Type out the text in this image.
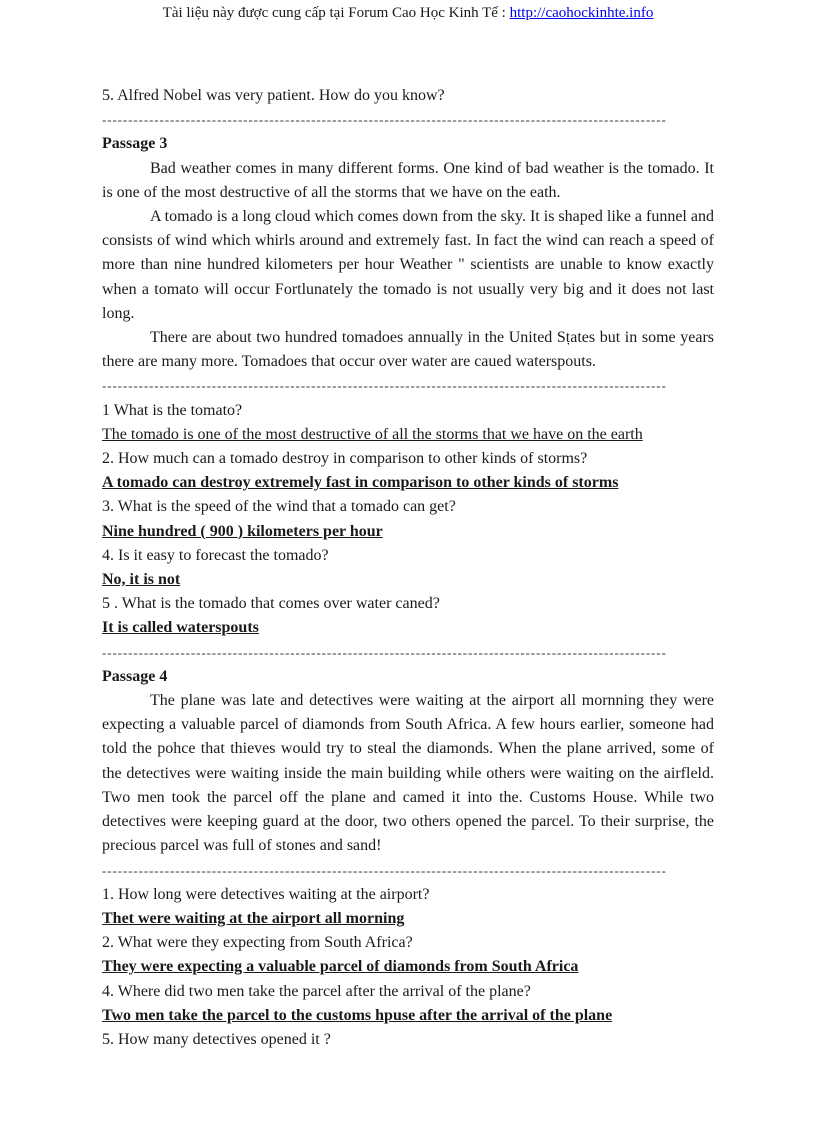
Tài liệu này được cung cấp tại Forum Cao Học Kinh Tế : http://caohockinhte.info
5. Alfred Nobel was very patient. How do you know?
------------------------------------------------------------------------------------------------------------
Passage 3
Bad weather comes in many different forms. One kind of bad weather is the tomado. It is one of the most destructive of all the storms that we have on the eath.
A tomado is a long cloud which comes down from the sky. It is shaped like a funnel and consists of wind which whirls around and extremely fast. In fact the wind can reach a speed of more than nine hundred kilometers per hour Weather " scientists are unable to know exactly when a tomato will occur Fortlunately the tomado is not usually very big and it does not last long.
There are about two hundred tomadoes annually in the United Sṭates but in some years there are many more. Tomadoes that occur over water are caued waterspouts.
------------------------------------------------------------------------------------------------------------
1 What is the tomato?
The tomado is one of the most destructive of all the storms that we have on the earth
2. How much can a tomado destroy in comparison to other kinds of storms?
A tomado can destroy extremely fast in comparison to other kinds of storms
3. What is the speed of the wind that a tomado can get?
Nine hundred ( 900 ) kilometers per hour
4. Is it easy to forecast the tomado?
No, it is not
5 . What is the tomado that comes over water caned?
It is called waterspouts
------------------------------------------------------------------------------------------------------------
Passage 4
The plane was late and detectives were waiting at the airport all mornning they were expecting a valuable parcel of diamonds from South Africa. A few hours earlier, someone had told the pohce that thieves would try to steal the diamonds. When the plane arrived, some of the detectives were waiting inside the main building while others were waiting on the airfleld. Two men took the parcel off the plane and camed it into the. Customs House. While two detectives were keeping guard at the door, two others opened the parcel. To their surprise, the precious parcel was full of stones and sand!
------------------------------------------------------------------------------------------------------------
1. How long were detectives waiting at the airport?
Thet were waiting at the airport all morning
2. What were they expecting from South Africa?
They were expecting a valuable parcel of diamonds from South Africa
4. Where did two men take the parcel after the arrival of the plane?
Two men take the parcel to the customs hpuse after the arrival of the plane
5. How many detectives opened it ?
